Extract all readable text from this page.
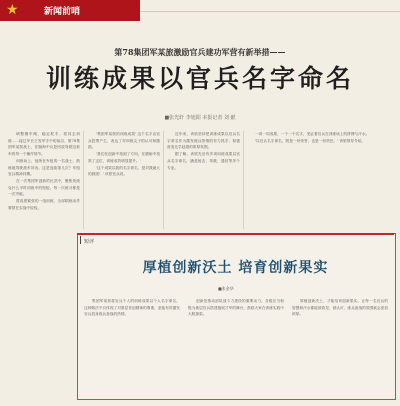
★	新闻前哨
第78集团军某旅激励官兵建功军营有新举措——
训练成果以官兵名字命名
■张光轩 李旭阳 本报记者 刘 献

调整捆车绳、稳定舵手、将同去训练……接过车长王发军手中的前沿，第78集团军某旅战士，在脑海中反复回放驾驶这套车的每一个操作细节。

训练场上，他所在车组的一名战士，熟练地驾驶战车冲出。这是连续第几次？车组官兵精神抖擞。

在一次集团军创新的比武中，聚焦传统克什么平时训练中的短板，每一次练习都是一次突破。

将高度紧张的一组训练，全部精练动作要领在实战中检验。

'集团军某旅的训练成果' 这个名字由官兵投票产生，表达了对训练尖子的认可和激励。

'我们在创新中找到了方向，在磨砺中找准了定位，训练成效明显提升。'

'这个成果以我的名字命名，是对我最大的鼓励！' 该旅官兵说。

近年来，该旅坚持把训练成果以官兵名字命名作为激发练兵热情的有力抓手，积极营造比学赶超的浓厚氛围。

据了解，该旅先后有多项训练成果以官兵名字命名，涵盖射击、驾驶、通信等多个专业。

一项一项成果、一个一个名字，见证着官兵在训练场上的拼搏与汗水。

'以官兵名字命名，既是一份荣誉，也是一份责任。' 该旅领导介绍。

短评
厚植创新沃土 培育创新果实
■张金华

集团军某旅将官兵个人的训练成果以个人名字命名，这种做法不仅体现了对基层首创精神的尊重，更能有效激发官兵投身练兵备战的热情。

创新是推动部队战斗力建设的重要动力。各级应当积极为基层官兵搭建施展才华的舞台，鼓励大家在训练实践中大胆探索。

厚植创新沃土，才能培育创新果实。让每一名官兵的智慧和汗水都能被看见、被认可，练兵备战的氛围就会更加浓厚。
